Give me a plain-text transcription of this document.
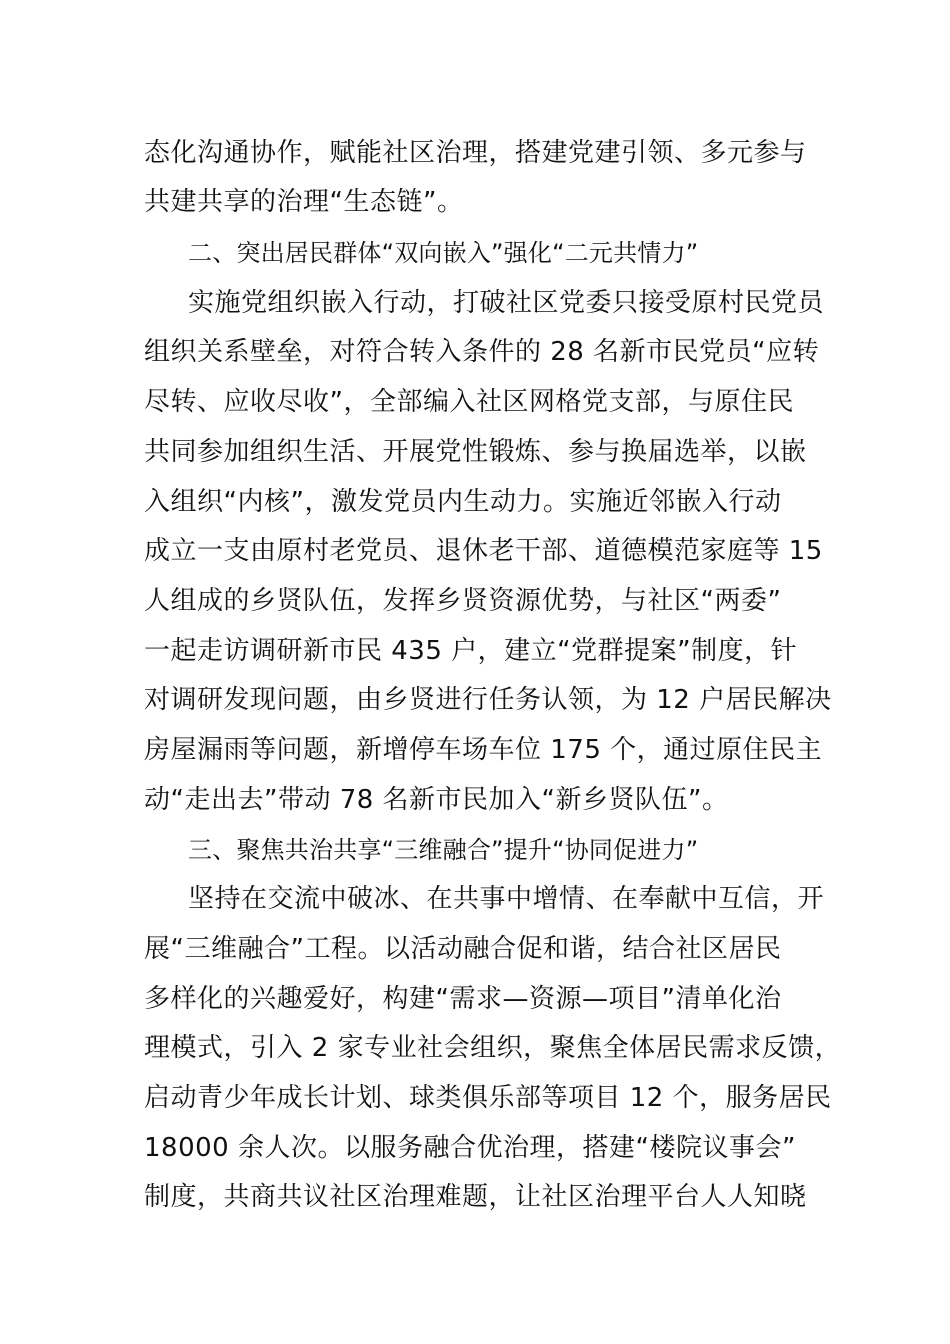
态化沟通协作，赋能社区治理，搭建党建引领、多元参与
共建共享的治理“生态链”。
二、突出居民群体“双向嵌入”强化“二元共情力”
实施党组织嵌入行动，打破社区党委只接受原村民党员
组织关系壁垒，对符合转入条件的 28 名新市民党员“应转
尽转、应收尽收”，全部编入社区网格党支部，与原住民
共同参加组织生活、开展党性锻炼、参与换届选举，以嵌
入组织“内核”，激发党员内生动力。实施近邻嵌入行动
成立一支由原村老党员、退休老干部、道德模范家庭等 15
人组成的乡贤队伍，发挥乡贤资源优势，与社区“两委”
一起走访调研新市民 435 户，建立“党群提案”制度，针
对调研发现问题，由乡贤进行任务认领，为 12 户居民解决
房屋漏雨等问题，新增停车场车位 175 个，通过原住民主
动“走出去”带动 78 名新市民加入“新乡贤队伍”。
三、聚焦共治共享“三维融合”提升“协同促进力”
坚持在交流中破冰、在共事中增情、在奉献中互信，开
展“三维融合”工程。以活动融合促和谐，结合社区居民
多样化的兴趣爱好，构建“需求—资源—项目”清单化治
理模式，引入 2 家专业社会组织，聚焦全体居民需求反馈，
启动青少年成长计划、球类俱乐部等项目 12 个，服务居民
18000 余人次。以服务融合优治理，搭建“楼院议事会”
制度，共商共议社区治理难题，让社区治理平台人人知晓
